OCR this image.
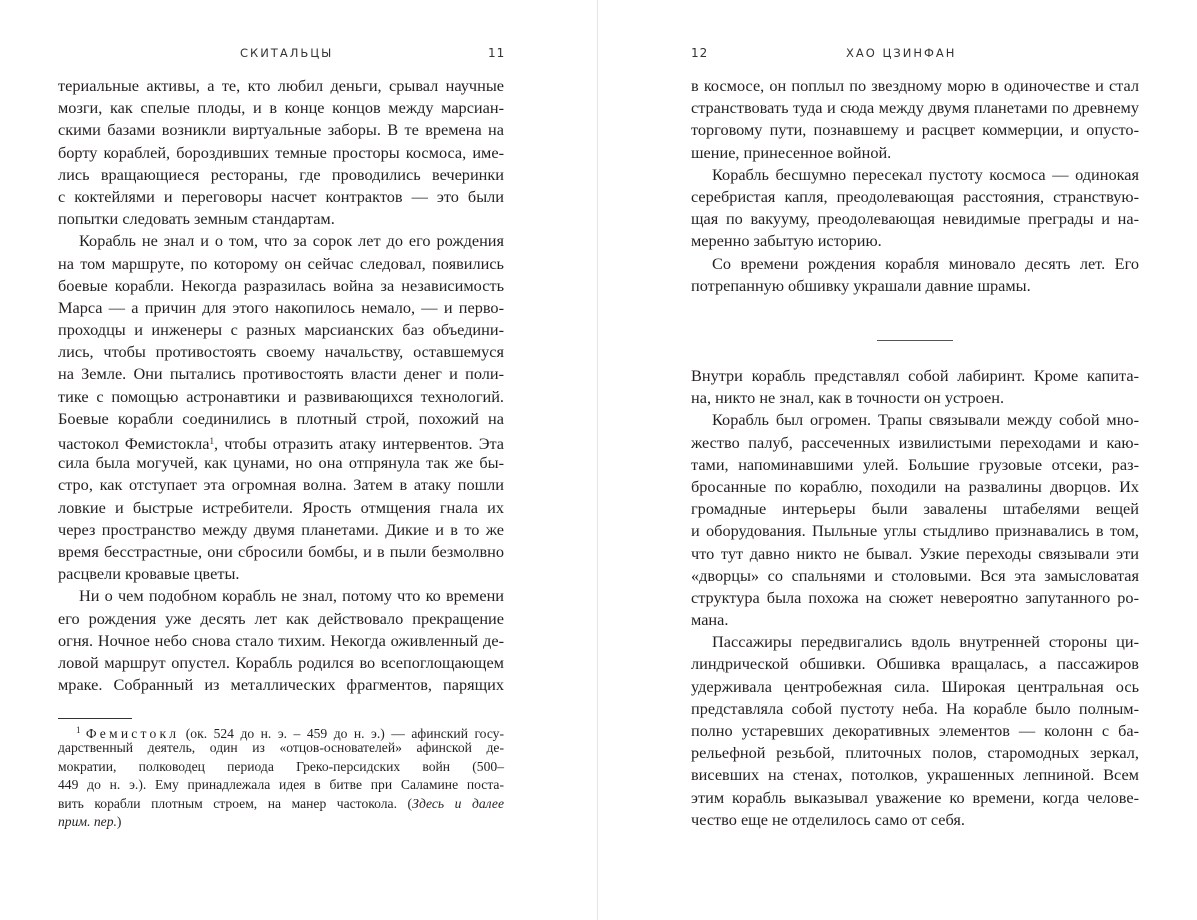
СКИТАЛЬЦЫ	11
териальные активы, а те, кто любил деньги, срывал научные
мозги, как спелые плоды, и в конце концов между марсиан-
скими базами возникли виртуальные заборы. В те времена на
борту кораблей, бороздивших темные просторы космоса, име-
лись вращающиеся рестораны, где проводились вечеринки
с коктейлями и переговоры насчет контрактов — это были
попытки следовать земным стандартам.
Корабль не знал и о том, что за сорок лет до его рождения
на том маршруте, по которому он сейчас следовал, появились
боевые корабли. Некогда разразилась война за независимость
Марса — а причин для этого накопилось немало, — и перво-
проходцы и инженеры с разных марсианских баз объедини-
лись, чтобы противостоять своему начальству, оставшемуся
на Земле. Они пытались противостоять власти денег и поли-
тике с помощью астронавтики и развивающихся технологий.
Боевые корабли соединились в плотный строй, похожий на
частокол Фемистокла$^1$, чтобы отразить атаку интервентов. Эта
сила была могучей, как цунами, но она отпрянула так же бы-
стро, как отступает эта огромная волна. Затем в атаку пошли
ловкие и быстрые истребители. Ярость отмщения гнала их
через пространство между двумя планетами. Дикие и в то же
время бесстрастные, они сбросили бомбы, и в пыли безмолвно
расцвели кровавые цветы.
Ни о чем подобном корабль не знал, потому что ко времени
его рождения уже десять лет как действовало прекращение
огня. Ночное небо снова стало тихим. Некогда оживленный де-
ловой маршрут опустел. Корабль родился во всепоглощающем
мраке. Собранный из металлических фрагментов, парящих
$^1$ Фемистокл (ок. 524 до н. э. – 459 до н. э.) — афинский госу-
дарственный деятель, один из «отцов-основателей» афинской де-
мократии, полководец периода Греко-персидских войн (500–
449 до н. э.). Ему принадлежала идея в битве при Саламине поста-
вить корабли плотным строем, на манер частокола. (Здесь и далее
прим. пер.)
12	ХАО ЦЗИНФАН
в космосе, он поплыл по звездному морю в одиночестве и стал
странствовать туда и сюда между двумя планетами по древнему
торговому пути, познавшему и расцвет коммерции, и опусто-
шение, принесенное войной.
Корабль бесшумно пересекал пустоту космоса — одинокая
серебристая капля, преодолевающая расстояния, странствую-
щая по вакууму, преодолевающая невидимые преграды и на-
меренно забытую историю.
Со времени рождения корабля миновало десять лет. Его
потрепанную обшивку украшали давние шрамы.
Внутри корабль представлял собой лабиринт. Кроме капита-
на, никто не знал, как в точности он устроен.
Корабль был огромен. Трапы связывали между собой мно-
жество палуб, рассеченных извилистыми переходами и каю-
тами, напоминавшими улей. Большие грузовые отсеки, раз-
бросанные по кораблю, походили на развалины дворцов. Их
громадные интерьеры были завалены штабелями вещей
и оборудования. Пыльные углы стыдливо признавались в том,
что тут давно никто не бывал. Узкие переходы связывали эти
«дворцы» со спальнями и столовыми. Вся эта замысловатая
структура была похожа на сюжет невероятно запутанного ро-
мана.
Пассажиры передвигались вдоль внутренней стороны ци-
линдрической обшивки. Обшивка вращалась, а пассажиров
удерживала центробежная сила. Широкая центральная ось
представляла собой пустоту неба. На корабле было полным-
полно устаревших декоративных элементов — колонн с ба-
рельефной резьбой, плиточных полов, старомодных зеркал,
висевших на стенах, потолков, украшенных лепниной. Всем
этим корабль выказывал уважение ко времени, когда челове-
чество еще не отделилось само от себя.
